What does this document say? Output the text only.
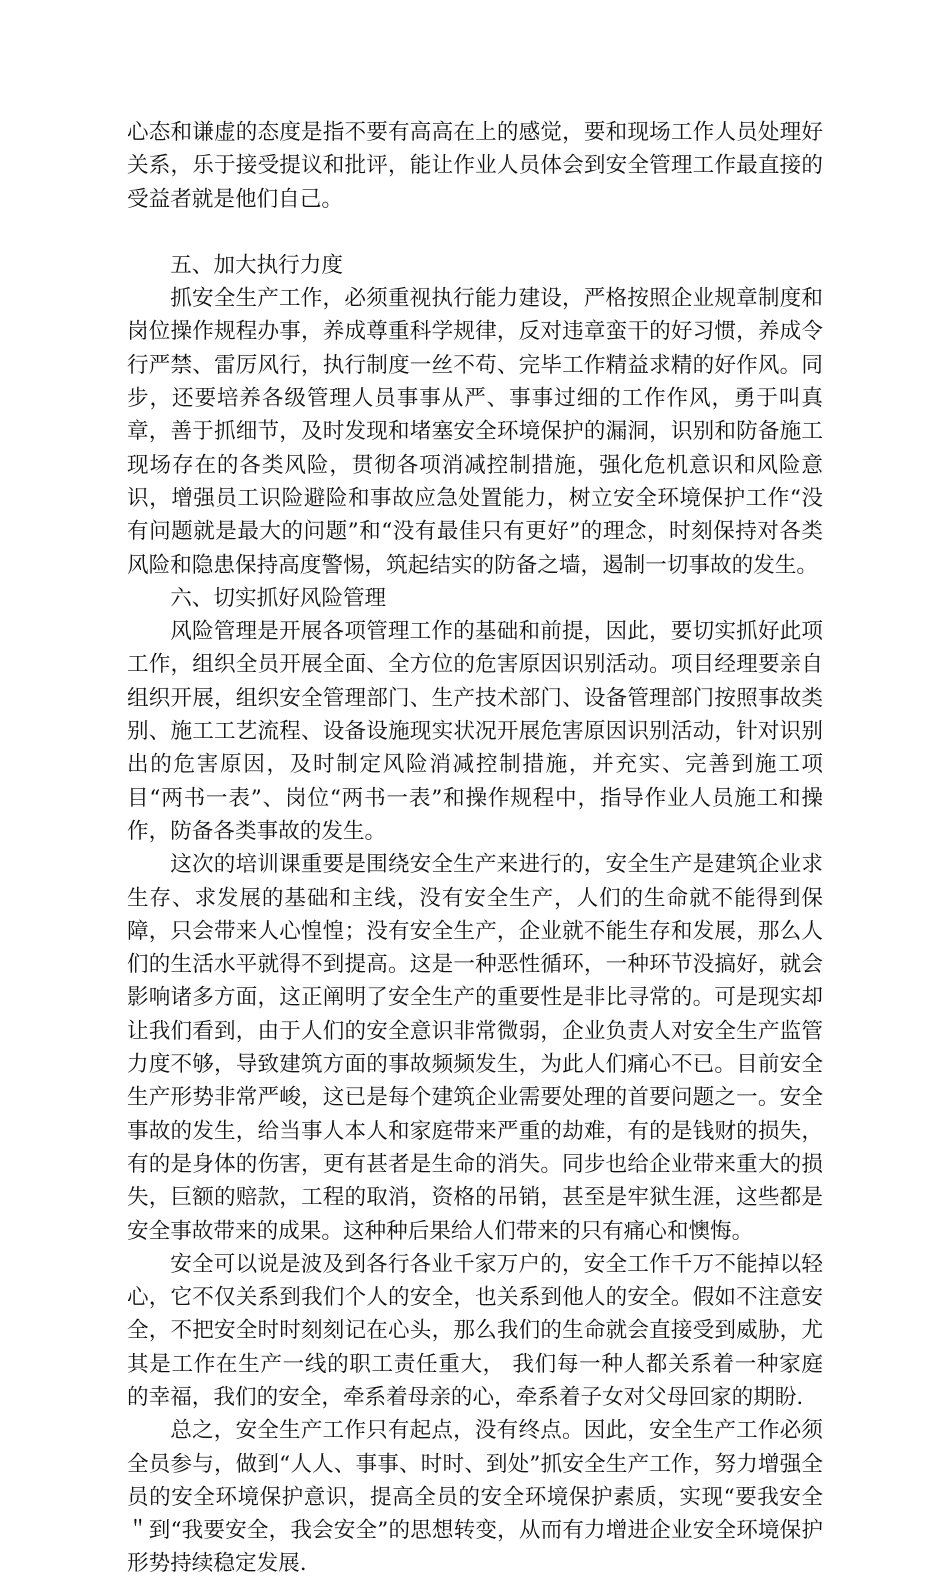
心态和谦虚的态度是指不要有高高在上的感觉，要和现场工作人员处理好关系，乐于接受提议和批评，能让作业人员体会到安全管理工作最直接的受益者就是他们自己。

五、加大执行力度

抓安全生产工作，必须重视执行能力建设，严格按照企业规章制度和岗位操作规程办事，养成尊重科学规律，反对违章蛮干的好习惯，养成令行严禁、雷厉风行，执行制度一丝不苟、完毕工作精益求精的好作风。同步，还要培养各级管理人员事事从严、事事过细的工作作风，勇于叫真章，善于抓细节，及时发现和堵塞安全环境保护的漏洞，识别和防备施工现场存在的各类风险，贯彻各项消减控制措施，强化危机意识和风险意识，增强员工识险避险和事故应急处置能力，树立安全环境保护工作“没有问题就是最大的问题”和“没有最佳只有更好”的理念，时刻保持对各类风险和隐患保持高度警惕，筑起结实的防备之墙，遏制一切事故的发生。

六、切实抓好风险管理

风险管理是开展各项管理工作的基础和前提，因此，要切实抓好此项工作，组织全员开展全面、全方位的危害原因识别活动。项目经理要亲自组织开展，组织安全管理部门、生产技术部门、设备管理部门按照事故类别、施工工艺流程、设备设施现实状况开展危害原因识别活动，针对识别出的危害原因，及时制定风险消减控制措施，并充实、完善到施工项目“两书一表”、岗位“两书一表”和操作规程中，指导作业人员施工和操作，防备各类事故的发生。

这次的培训课重要是围绕安全生产来进行的，安全生产是建筑企业求生存、求发展的基础和主线，没有安全生产，人们的生命就不能得到保障，只会带来人心惶惶；没有安全生产，企业就不能生存和发展，那么人们的生活水平就得不到提高。这是一种恶性循环，一种环节没搞好，就会影响诸多方面，这正阐明了安全生产的重要性是非比寻常的。可是现实却让我们看到，由于人们的安全意识非常微弱，企业负责人对安全生产监管力度不够，导致建筑方面的事故频频发生，为此人们痛心不已。目前安全生产形势非常严峻，这已是每个建筑企业需要处理的首要问题之一。安全事故的发生，给当事人本人和家庭带来严重的劫难，有的是钱财的损失，有的是身体的伤害，更有甚者是生命的消失。同步也给企业带来重大的损失，巨额的赔款，工程的取消，资格的吊销，甚至是牢狱生涯，这些都是安全事故带来的成果。这种种后果给人们带来的只有痛心和懊悔。

安全可以说是波及到各行各业千家万户的，安全工作千万不能掉以轻心，它不仅关系到我们个人的安全，也关系到他人的安全。假如不注意安全，不把安全时时刻刻记在心头，那么我们的生命就会直接受到威胁，尤其是工作在生产一线的职工责任重大， 我们每一种人都关系着一种家庭的幸福，我们的安全，牵系着母亲的心，牵系着子女对父母回家的期盼.

总之，安全生产工作只有起点，没有终点。因此，安全生产工作必须全员参与，做到“人人、事事、时时、到处”抓安全生产工作，努力增强全员的安全环境保护意识，提高全员的安全环境保护素质，实现“要我安全＂到“我要安全，我会安全”的思想转变，从而有力增进企业安全环境保护形势持续稳定发展.
